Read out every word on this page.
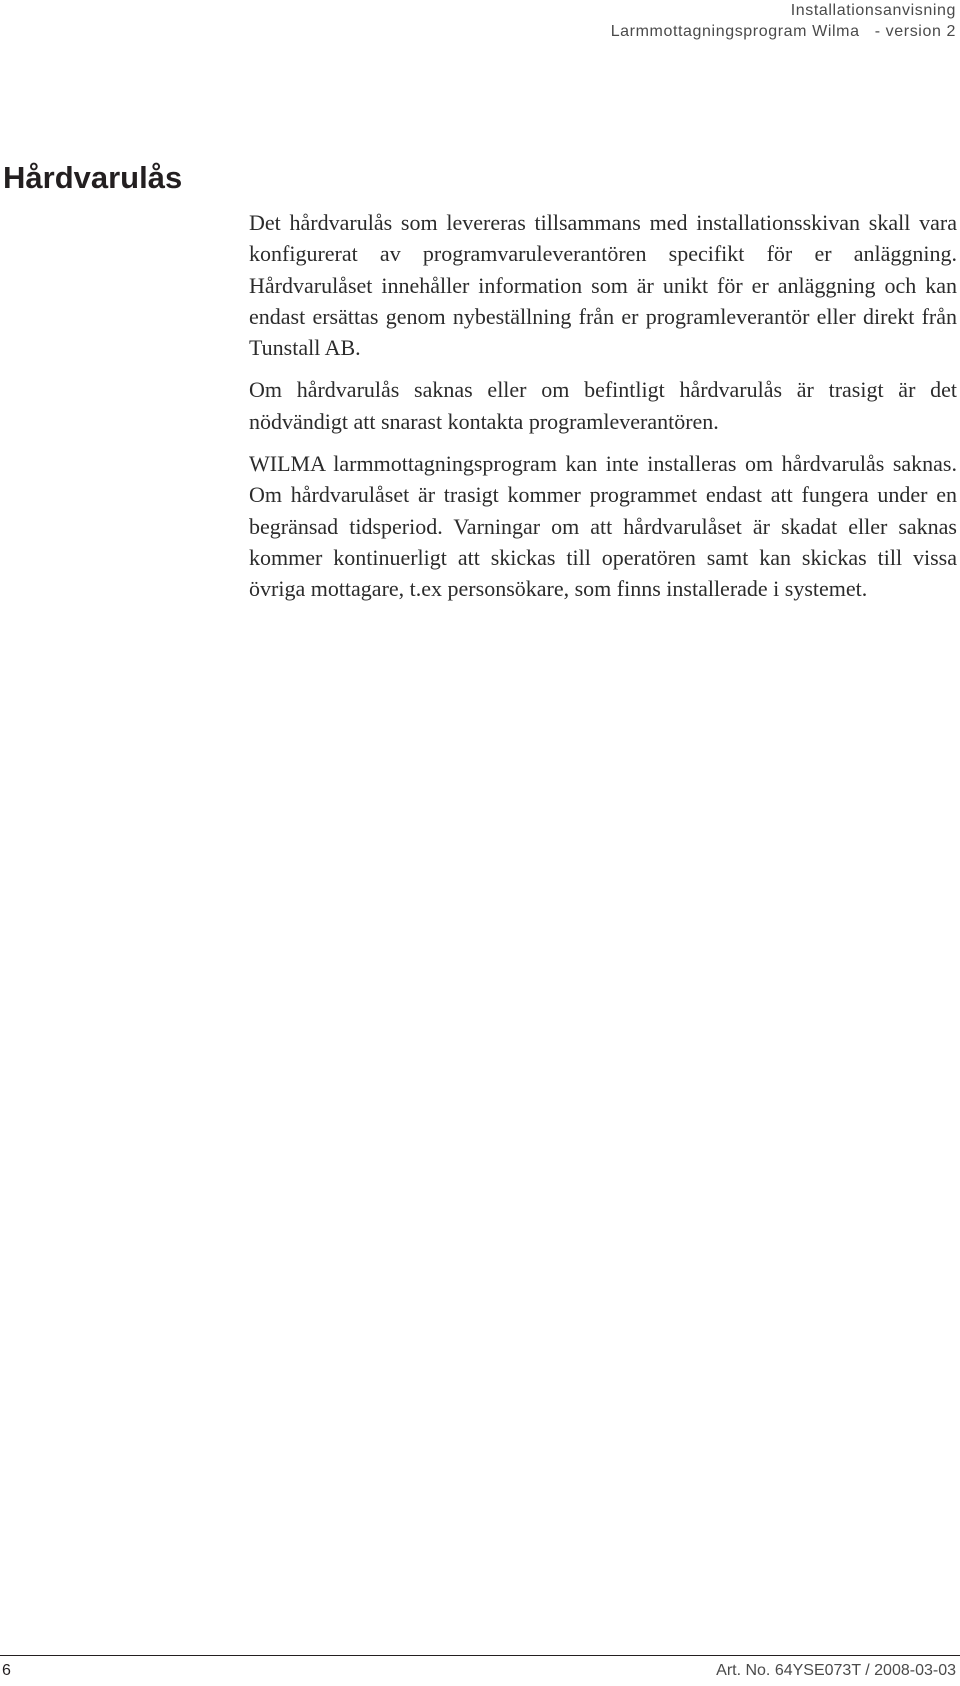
Installationsanvisning
Larmmottagningsprogram Wilma   - version 2
Hårdvarulås

Det hårdvarulås som levereras tillsammans med installationsskivan skall vara konfigurerat av programvaruleverantören specifikt för er anläggning. Hårdvarulåset innehåller information som är unikt för er anläggning och kan endast ersättas genom nybeställning från er programleverantör eller direkt från Tunstall AB.

Om hårdvarulås saknas eller om befintligt hårdvarulås är trasigt är det nödvändigt att snarast kontakta programleverantören.

WILMA larmmottagningsprogram kan inte installeras om hårdvarulås saknas. Om hårdvarulåset är trasigt kommer programmet endast att fungera under en begränsad tidsperiod. Varningar om att hårdvarulåset är skadat eller saknas kommer kontinuerligt att skickas till operatören samt kan skickas till vissa övriga mottagare, t.ex personsökare, som finns installerade i systemet.

6	Art. No. 64YSE073T / 2008-03-03
